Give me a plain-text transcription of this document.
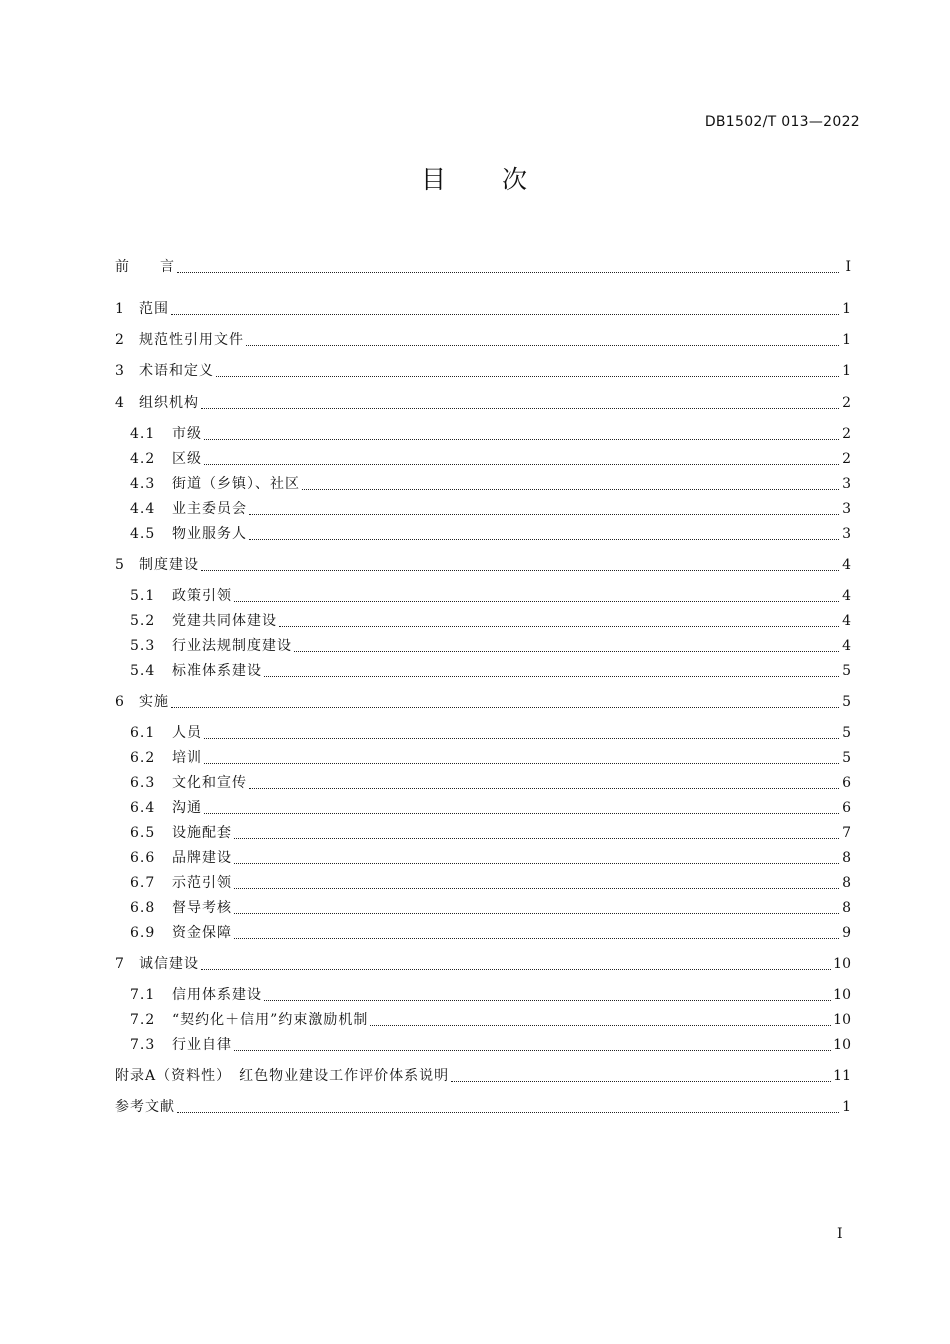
DB1502/T 013—2022
目 次
前　　言	I
1	范围	1
2	规范性引用文件	1
3	术语和定义	1
4	组织机构	2
4.1	市级	2
4.2	区级	2
4.3	街道（乡镇）、社区	3
4.4	业主委员会	3
4.5	物业服务人	3
5	制度建设	4
5.1	政策引领	4
5.2	党建共同体建设	4
5.3	行业法规制度建设	4
5.4	标准体系建设	5
6	实施	5
6.1	人员	5
6.2	培训	5
6.3	文化和宣传	6
6.4	沟通	6
6.5	设施配套	7
6.6	品牌建设	8
6.7	示范引领	8
6.8	督导考核	8
6.9	资金保障	9
7	诚信建设	10
7.1	信用体系建设	10
7.2	“契约化＋信用”约束激励机制	10
7.3	行业自律	10
附录A（资料性）　红色物业建设工作评价体系说明	11
参考文献	1
I
